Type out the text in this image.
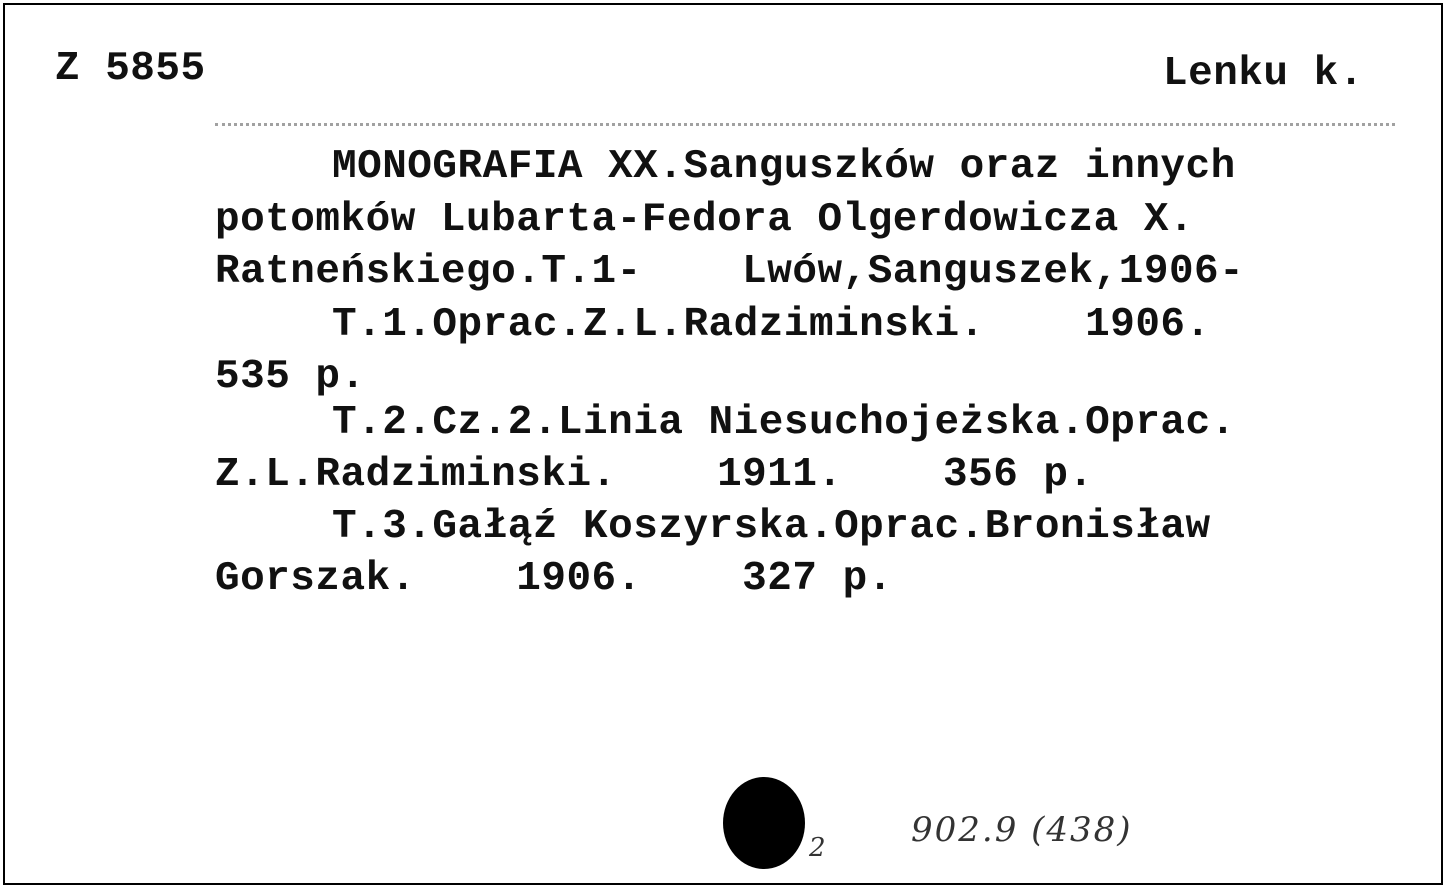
Z 5855	Lenku k.
MONOGRAFIA XX.Sanguszków oraz innych
potomków Lubarta-Fedora Olgerdowicza X.
Ratneńskiego.T.1-    Lwów,Sanguszek,1906-
T.1.Oprac.Z.L.Radziminski.    1906.
535 p.
T.2.Cz.2.Linia Niesuchojeżska.Oprac.
Z.L.Radziminski.    1911.    356 p.
T.3.Gałąź Koszyrska.Oprac.Bronisław
Gorszak.    1906.    327 p.
2 902.9 (438)
